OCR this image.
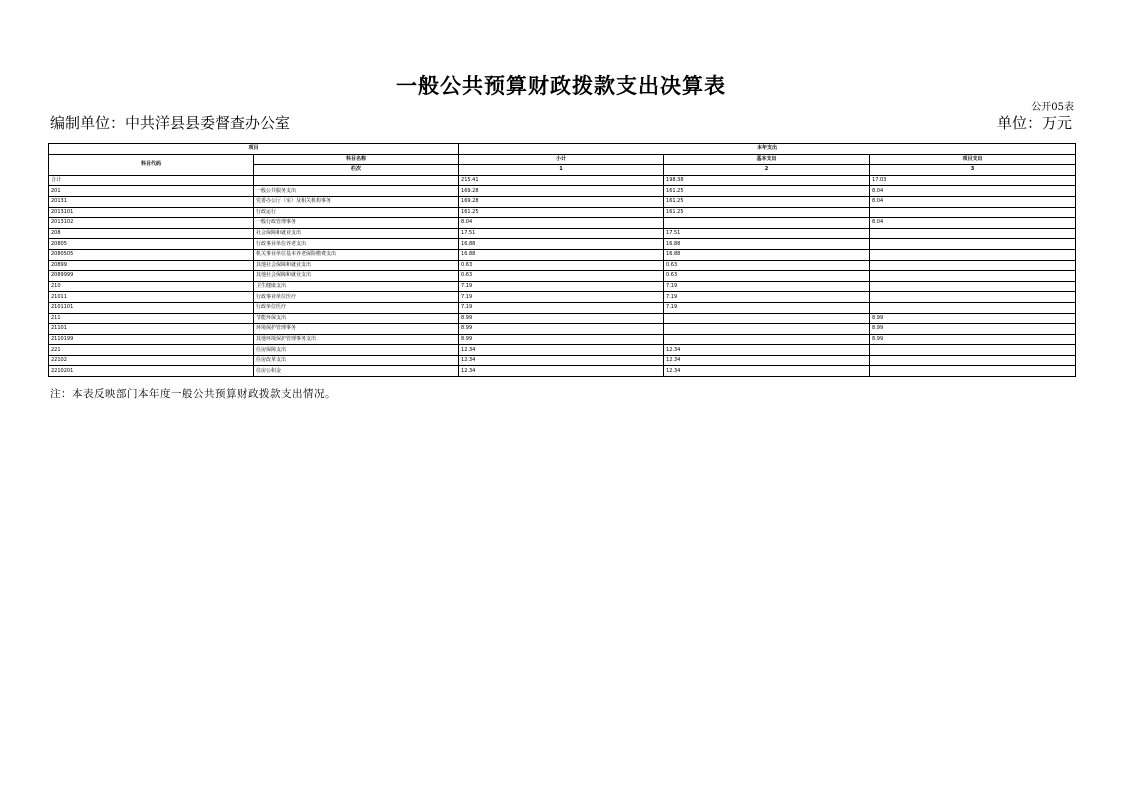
一般公共预算财政拨款支出决算表
公开05表
编制单位：中共洋县县委督查办公室	单位：万元
项目		本年支出		
科目代码	科目名称	小计	基本支出	项目支出
	栏次	1	2	3
合计		215.41	198.38	17.03
201	一般公共服务支出	169.28	161.25	8.04
20131	党委办公厅（室）及相关机构事务	169.28	161.25	8.04
2013101	行政运行	161.25	161.25	
2013102	一般行政管理事务	8.04		8.04
208	社会保障和就业支出	17.51	17.51	
20805	行政事业单位养老支出	16.88	16.88	
2080505	机关事业单位基本养老保险缴费支出	16.88	16.88	
20899	其他社会保障和就业支出	0.63	0.63	
2089999	其他社会保障和就业支出	0.63	0.63	
210	卫生健康支出	7.19	7.19	
21011	行政事业单位医疗	7.19	7.19	
2101101	行政单位医疗	7.19	7.19	
211	节能环保支出	8.99		8.99
21101	环境保护管理事务	8.99		8.99
2110199	其他环境保护管理事务支出	8.99		8.99
221	住房保障支出	12.34	12.34	
22102	住房改革支出	12.34	12.34	
2210201	住房公积金	12.34	12.34	
注：本表反映部门本年度一般公共预算财政拨款支出情况。
